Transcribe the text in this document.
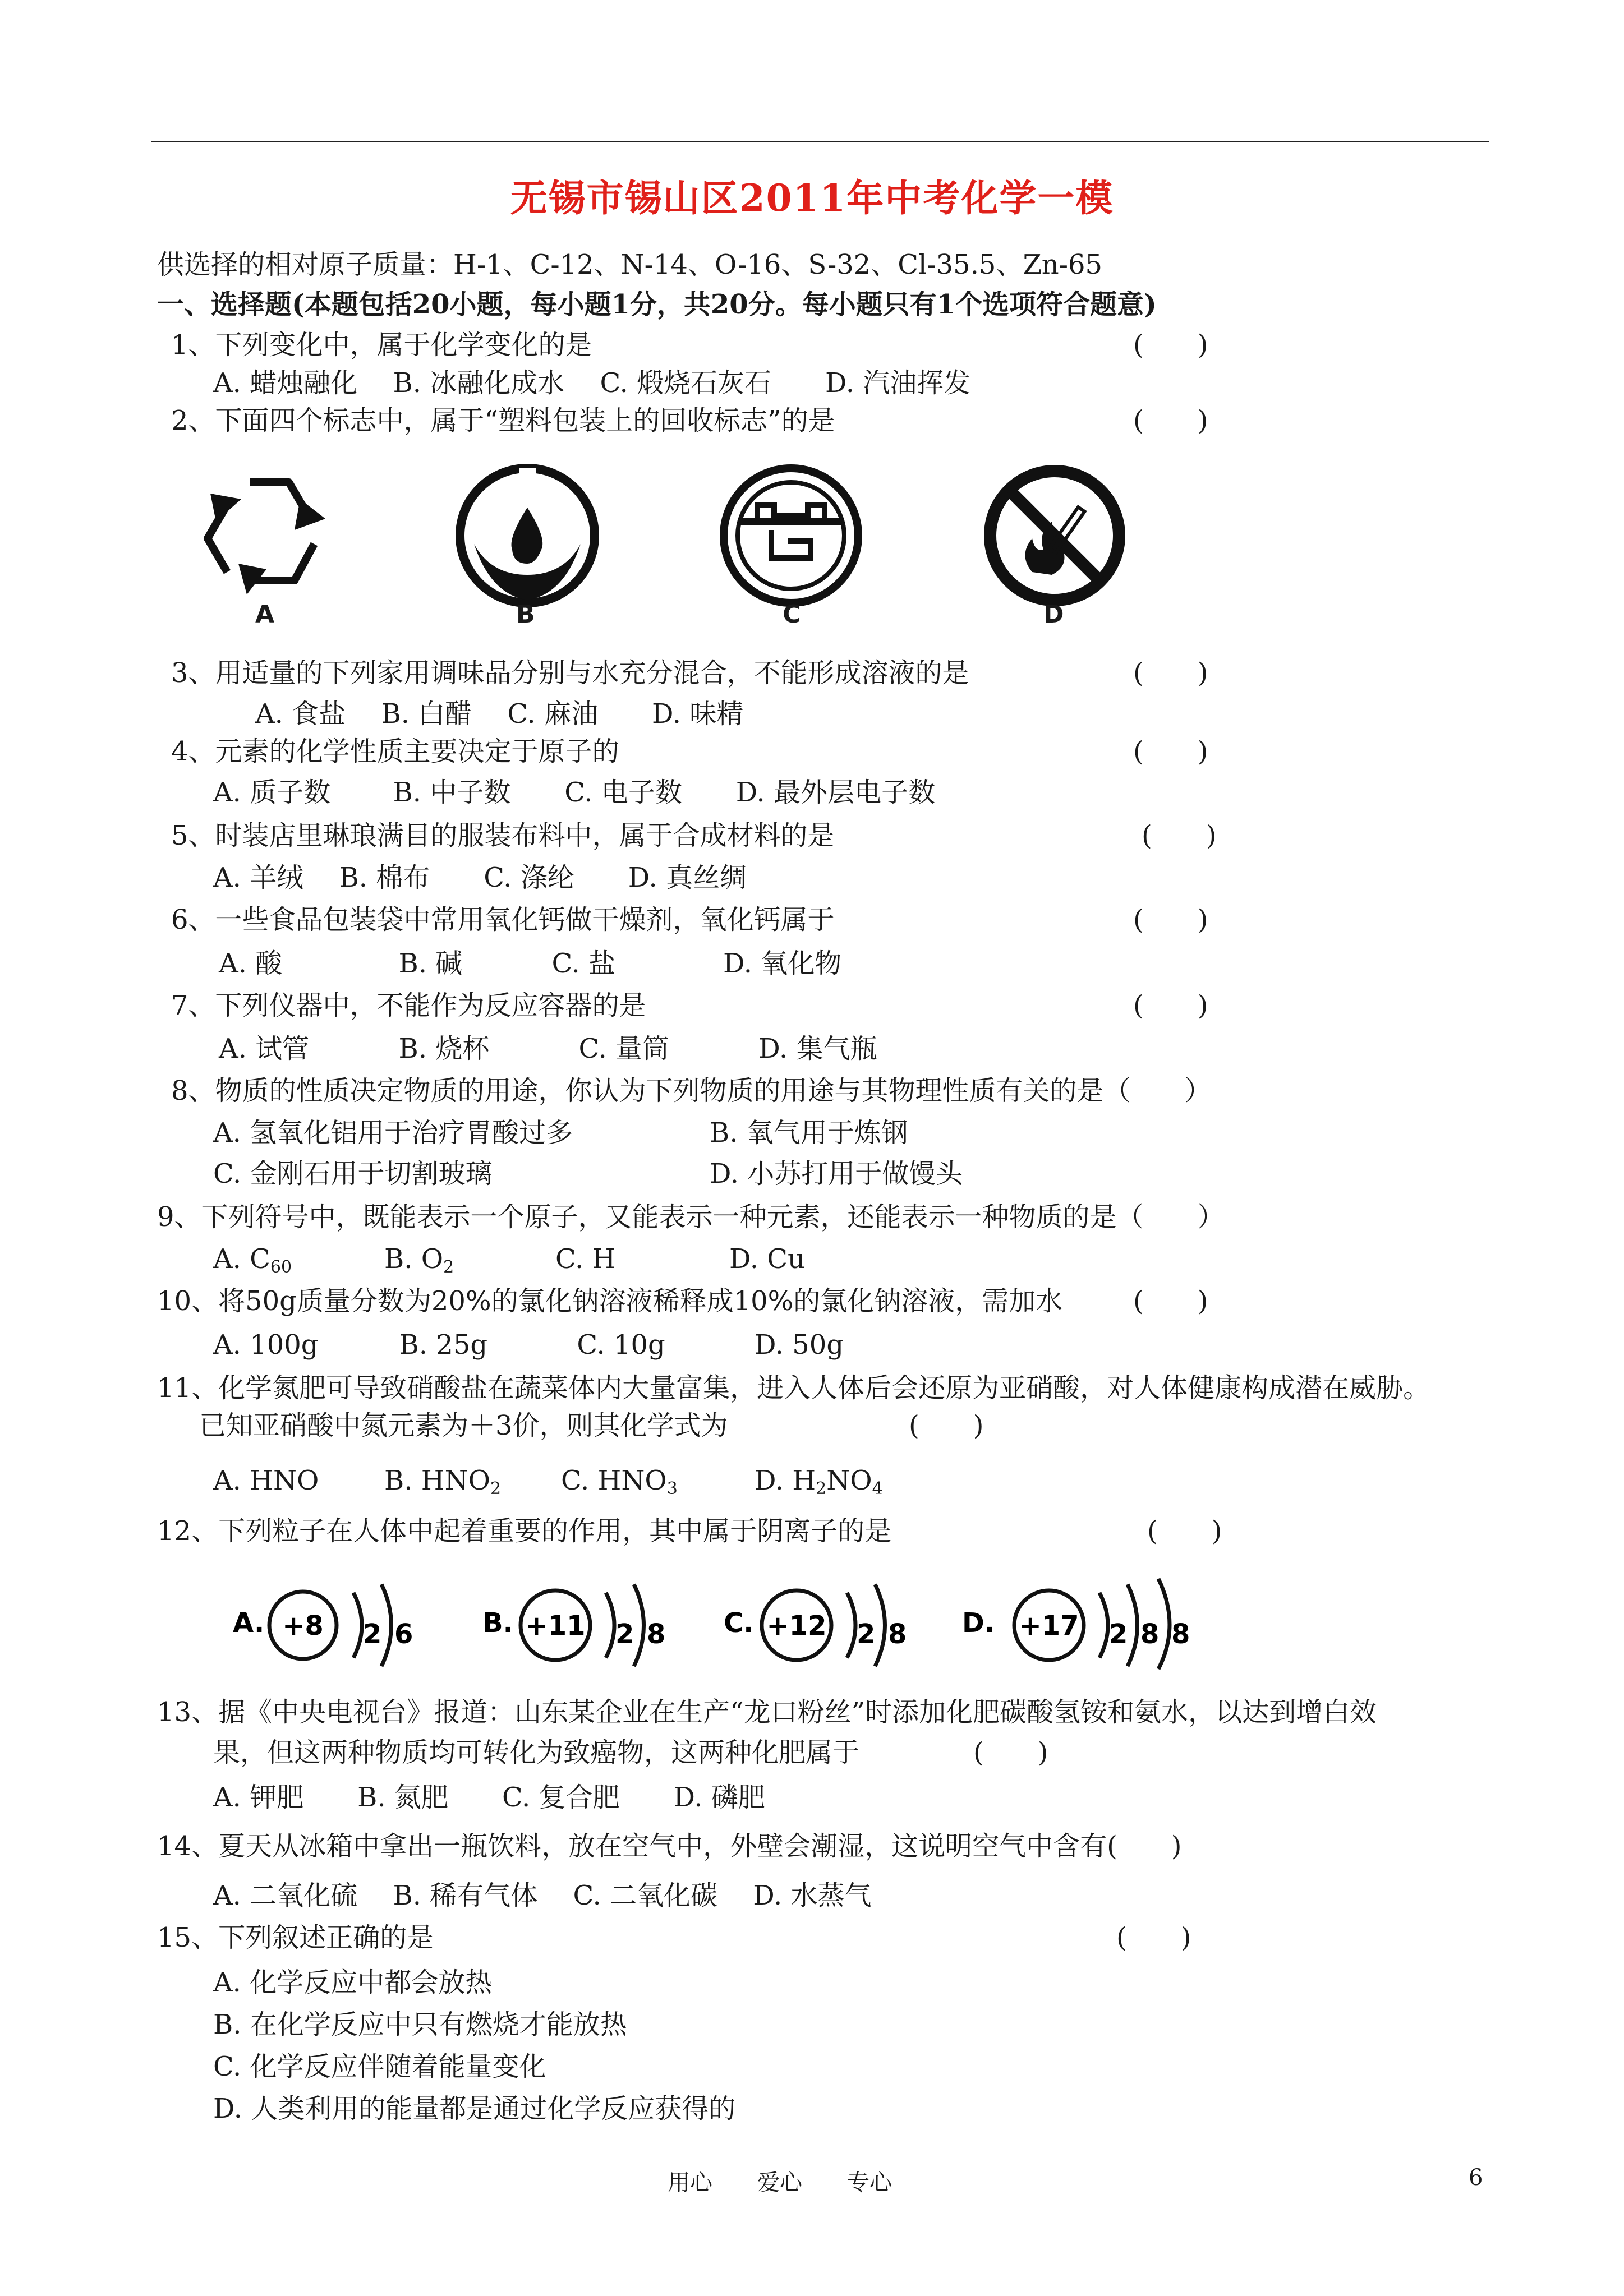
无锡市锡山区2011年中考化学一模
供选择的相对原子质量：H-1、C-12、N-14、O-16、S-32、Cl-35.5、Zn-65
一、选择题(本题包括20小题，每小题1分，共20分。每小题只有1个选项符合题意)
1、下列变化中，属于化学变化的是	(　　)
A. 蜡烛融化　 B. 冰融化成水　 C. 煅烧石灰石　　D. 汽油挥发
2、下面四个标志中，属于“塑料包装上的回收标志”的是	(　　)
A	B	C	D
3、用适量的下列家用调味品分别与水充分混合，不能形成溶液的是	(　　)
A. 食盐　 B. 白醋　 C. 麻油　　D. 味精
4、元素的化学性质主要决定于原子的	(　　)
A. 质子数　　 B. 中子数　　C. 电子数　　D. 最外层电子数
5、时装店里琳琅满目的服装布料中，属于合成材料的是	(　　)
A. 羊绒　 B. 棉布　　C. 涤纶　　D. 真丝绸
6、一些食品包装袋中常用氧化钙做干燥剂，氧化钙属于	(　　)
A. 酸　　　　 B. 碱　　　 C. 盐　　　　D. 氧化物
7、下列仪器中，不能作为反应容器的是	(　　)
A. 试管　　　 B. 烧杯　　　 C. 量筒　　　 D. 集气瓶
8、物质的性质决定物质的用途，你认为下列物质的用途与其物理性质有关的是（　　）
A. 氢氧化铝用于治疗胃酸过多	B. 氧气用于炼钢
C. 金刚石用于切割玻璃	D. 小苏打用于做馒头
9、下列符号中，既能表示一个原子，又能表示一种元素，还能表示一种物质的是（　　）
A. $C_{60}$	B. $O_2$	C. H	D. Cu
10、将50g质量分数为20%的氯化钠溶液稀释成10%的氯化钠溶液，需加水	(　　)
A. 100g　　　B. 25g　　　 C. 10g　　　 D. 50g
11、化学氮肥可导致硝酸盐在蔬菜体内大量富集，进入人体后会还原为亚硝酸，对人体健康构成潜在威胁。
已知亚硝酸中氮元素为＋3价，则其化学式为	(　　)
A. HNO B. $HNO_2$ C. $HNO_3$	D. $H_2NO_4$
12、下列粒子在人体中起着重要的作用，其中属于阴离子的是	(　　)
A. +8 2 6	B. +11 2 8 C. +12 2 8 D. +17 2 8 8
13、据《中央电视台》报道：山东某企业在生产“龙口粉丝”时添加化肥碳酸氢铵和氨水，以达到增白效
果，但这两种物质均可转化为致癌物，这两种化肥属于	(　　)
A. 钾肥　　B. 氮肥　　C. 复合肥　　D. 磷肥
14、夏天从冰箱中拿出一瓶饮料，放在空气中，外壁会潮湿，这说明空气中含有(　　)
A. 二氧化硫　 B. 稀有气体　 C. 二氧化碳　 D. 水蒸气
15、下列叙述正确的是	(　　)
A. 化学反应中都会放热
B. 在化学反应中只有燃烧才能放热
C. 化学反应伴随着能量变化
D. 人类利用的能量都是通过化学反应获得的
用心　　爱心　　专心	6
